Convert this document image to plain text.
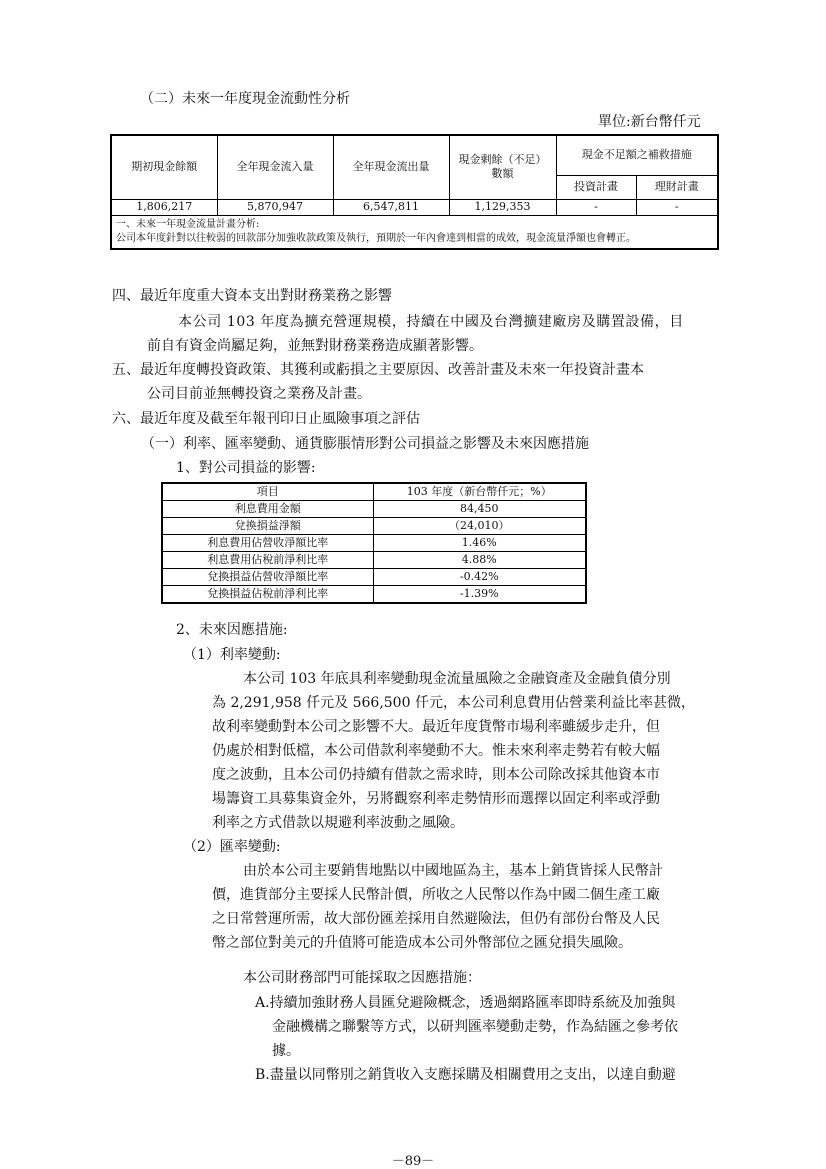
（二）未來一年度現金流動性分析
單位:新台幣仟元
期初現金餘額	全年現金流入量	全年現金流出量	現金剩餘（不足）數額	現金不足額之補救措施	
				投資計畫	理財計畫
1,806,217	5,870,947	6,547,811	1,129,353	-	-

一、未來一年現金流量計畫分析:
公司本年度針對以往較弱的回款部分加強收款政策及執行，預期於一年內會達到相當的成效，現金流量淨額也會轉正。					
四、最近年度重大資本支出對財務業務之影響
本公司 103 年度為擴充營運規模，持續在中國及台灣擴建廠房及購置設備，目
前自有資金尚屬足夠，並無對財務業務造成顯著影響。
五、最近年度轉投資政策、其獲利或虧損之主要原因、改善計畫及未來一年投資計畫本
公司目前並無轉投資之業務及計畫。
六、最近年度及截至年報刊印日止風險事項之評估
（一）利率、匯率變動、通貨膨脹情形對公司損益之影響及未來因應措施
1、對公司損益的影響:
項目	103 年度（新台幣仟元；%）
利息費用金額	84,450
兌換損益淨額	（24,010）
利息費用佔營收淨額比率	1.46%
利息費用佔稅前淨利比率	4.88%
兌換損益佔營收淨額比率	-0.42%
兌換損益佔稅前淨利比率	-1.39%
2、未來因應措施:
（1）利率變動:
本公司 103 年底具利率變動現金流量風險之金融資產及金融負債分別
為 2,291,958 仟元及 566,500 仟元，本公司利息費用佔營業利益比率甚微，
故利率變動對本公司之影響不大。最近年度貨幣市場利率雖緩步走升，但
仍處於相對低檔，本公司借款利率變動不大。惟未來利率走勢若有較大幅
度之波動，且本公司仍持續有借款之需求時，則本公司除改採其他資本市
場籌資工具募集資金外，另將觀察利率走勢情形而選擇以固定利率或浮動
利率之方式借款以規避利率波動之風險。
（2）匯率變動:
由於本公司主要銷售地點以中國地區為主，基本上銷貨皆採人民幣計
價，進貨部分主要採人民幣計價，所收之人民幣以作為中國二個生產工廠
之日常營運所需，故大部份匯差採用自然避險法，但仍有部份台幣及人民
幣之部位對美元的升值將可能造成本公司外幣部位之匯兌損失風險。
本公司財務部門可能採取之因應措施：
A.持續加強財務人員匯兌避險概念，透過網路匯率即時系統及加強與
金融機構之聯繫等方式，以研判匯率變動走勢，作為結匯之參考依
據。
B.盡量以同幣別之銷貨收入支應採購及相關費用之支出，以達自動避
－89－
